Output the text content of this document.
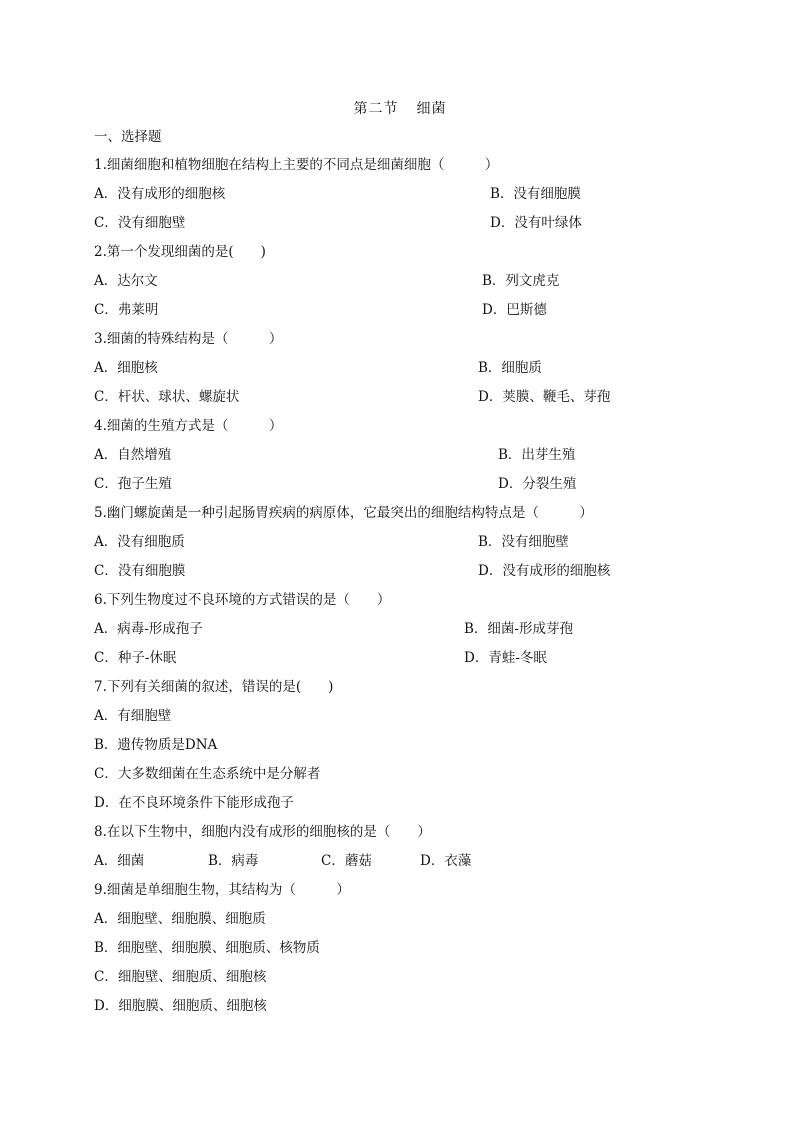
第二节 细菌
一、选择题
1.细菌细胞和植物细胞在结构上主要的不同点是细菌细胞（　　　）
A．没有成形的细胞核	B．没有细胞膜
C．没有细胞壁	D．没有叶绿体
2.第一个发现细菌的是(　　)
A．达尔文	B．列文虎克
C．弗莱明	D．巴斯德
3.细菌的特殊结构是（　　　）
A．细胞核	B．细胞质
C．杆状、球状、螺旋状	D．荚膜、鞭毛、芽孢
4.细菌的生殖方式是（　　　）
A．自然增殖	B．出芽生殖
C．孢子生殖	D．分裂生殖
5.幽门螺旋菌是一种引起肠胃疾病的病原体，它最突出的细胞结构特点是（　　　）
A．没有细胞质	B．没有细胞壁
C．没有细胞膜	D．没有成形的细胞核
6.下列生物度过不良环境的方式错误的是（　　）
A．病毒-形成孢子	B．细菌-形成芽孢
C．种子-休眠	D．青蛙-冬眠
7.下列有关细菌的叙述，错误的是(　　)
A．有细胞壁
B．遗传物质是DNA
C．大多数细菌在生态系统中是分解者
D．在不良环境条件下能形成孢子
8.在以下生物中，细胞内没有成形的细胞核的是（　　）
A．细菌	B．病毒	C．蘑菇	D．衣藻
9.细菌是单细胞生物，其结构为（　　　）
A．细胞壁、细胞膜、细胞质
B．细胞壁、细胞膜、细胞质、核物质
C．细胞壁、细胞质、细胞核
D．细胞膜、细胞质、细胞核
